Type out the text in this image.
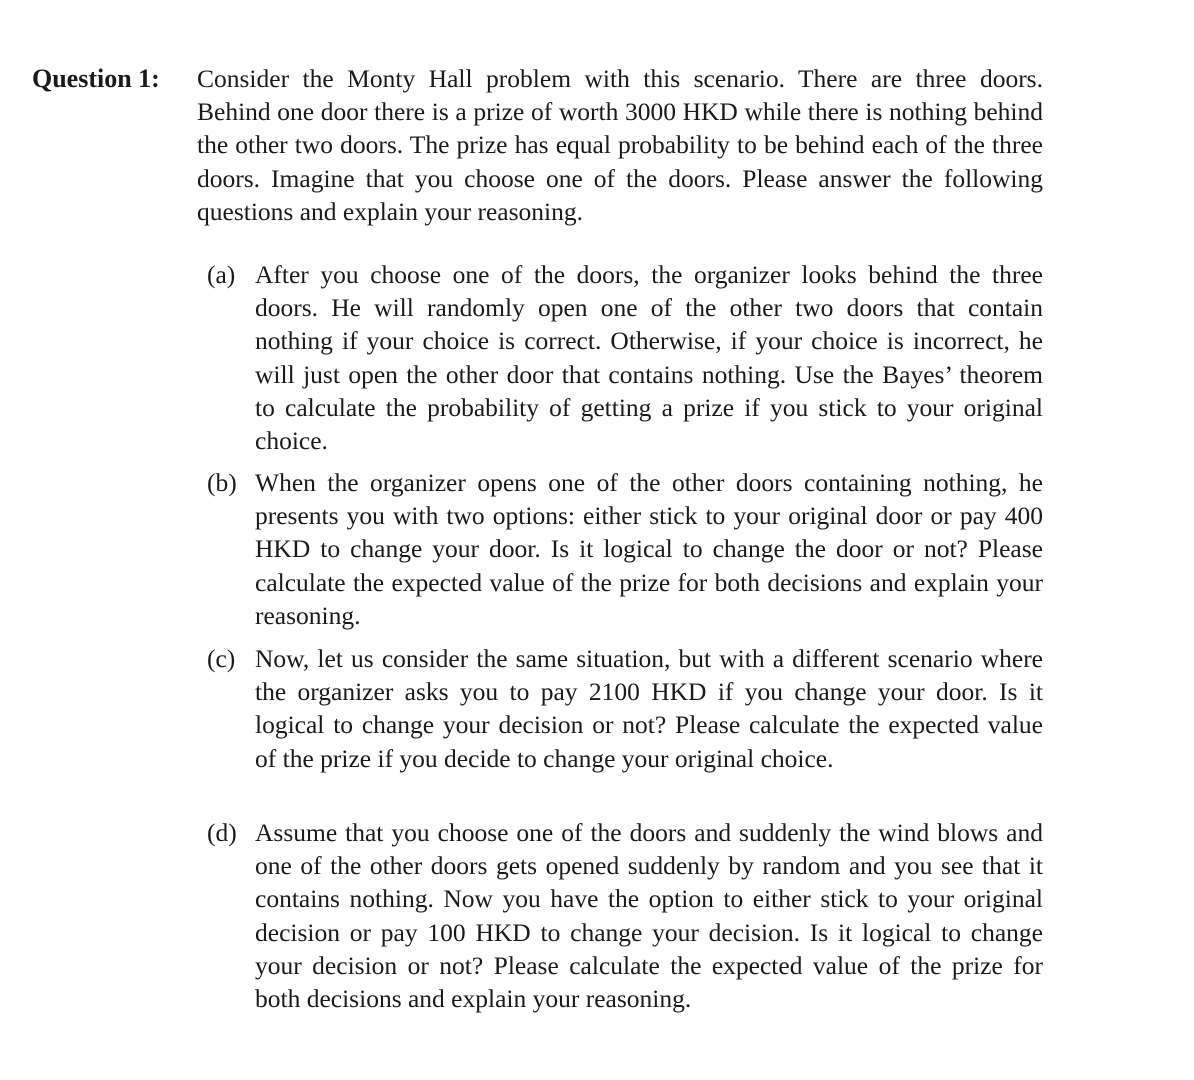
Question 1: Consider the Monty Hall problem with this scenario. There are three doors. Behind one door there is a prize of worth 3000 HKD while there is nothing behind the other two doors. The prize has equal probability to be behind each of the three doors. Imagine that you choose one of the doors. Please answer the following questions and explain your reasoning.
(a) After you choose one of the doors, the organizer looks behind the three doors. He will randomly open one of the other two doors that contain nothing if your choice is correct. Otherwise, if your choice is incorrect, he will just open the other door that contains nothing. Use the Bayes’ theorem to calculate the probability of getting a prize if you stick to your original choice.
(b) When the organizer opens one of the other doors containing nothing, he presents you with two options: either stick to your original door or pay 400 HKD to change your door. Is it logical to change the door or not? Please calculate the expected value of the prize for both decisions and explain your reasoning.
(c) Now, let us consider the same situation, but with a different scenario where the organizer asks you to pay 2100 HKD if you change your door. Is it logical to change your decision or not? Please calculate the expected value of the prize if you decide to change your original choice.
(d) Assume that you choose one of the doors and suddenly the wind blows and one of the other doors gets opened suddenly by random and you see that it contains nothing. Now you have the option to either stick to your original decision or pay 100 HKD to change your decision. Is it logical to change your decision or not? Please calculate the expected value of the prize for both decisions and explain your reasoning.
